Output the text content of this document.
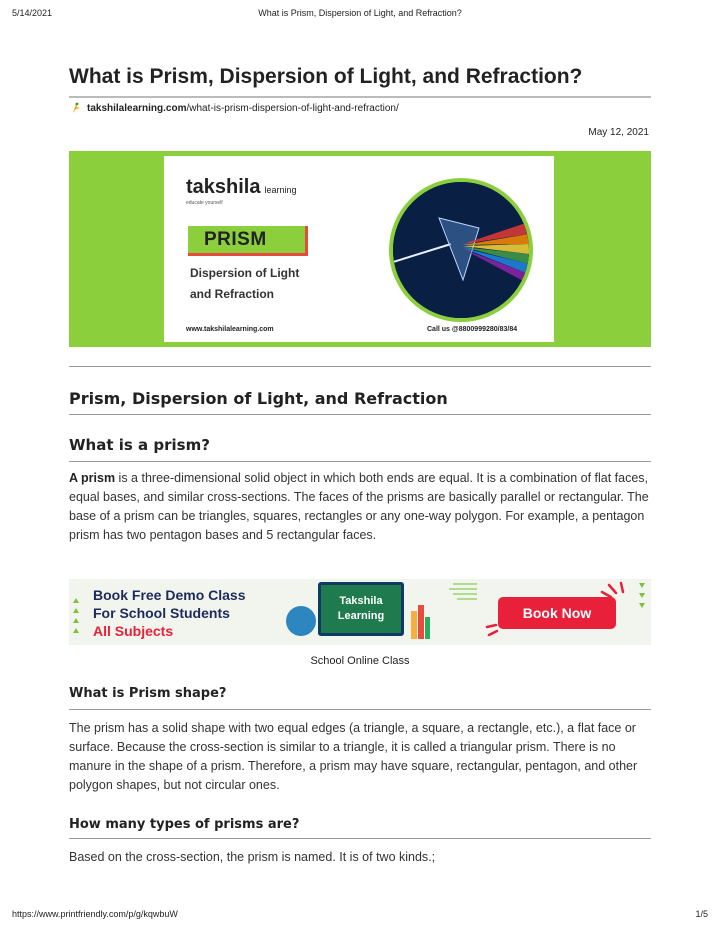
5/14/2021	What is Prism, Dispersion of Light, and Refraction?
What is Prism, Dispersion of Light, and Refraction?
takshilalearning.com /what-is-prism-dispersion-of-light-and-refraction/
May 12, 2021
takshila learning
educate yourself
PRISM
Dispersion of Light
and Refraction
www.takshilalearning.com	Call us @8800999280/83/84
Prism, Dispersion of Light, and Refraction
What is a prism?

A prism is a three-dimensional solid object in which both ends are equal. It is a combination of flat faces, equal bases, and similar cross-sections. The faces of the prisms are basically parallel or rectangular. The base of a prism can be triangles, squares, rectangles or any one-way polygon. For example, a pentagon prism has two pentagon bases and 5 rectangular faces.

Book Free Demo Class
For School Students
All Subjects
Takshila
Learning	Book Now
School Online Class
What is Prism shape?

The prism has a solid shape with two equal edges (a triangle, a square, a rectangle, etc.), a flat face or surface. Because the cross-section is similar to a triangle, it is called a triangular prism. There is no manure in the shape of a prism. Therefore, a prism may have square, rectangular, pentagon, and other polygon shapes, but not circular ones.

How many types of prisms are?

Based on the cross-section, the prism is named. It is of two kinds.;

https://www.printfriendly.com/p/g/kqwbuW	1/5
